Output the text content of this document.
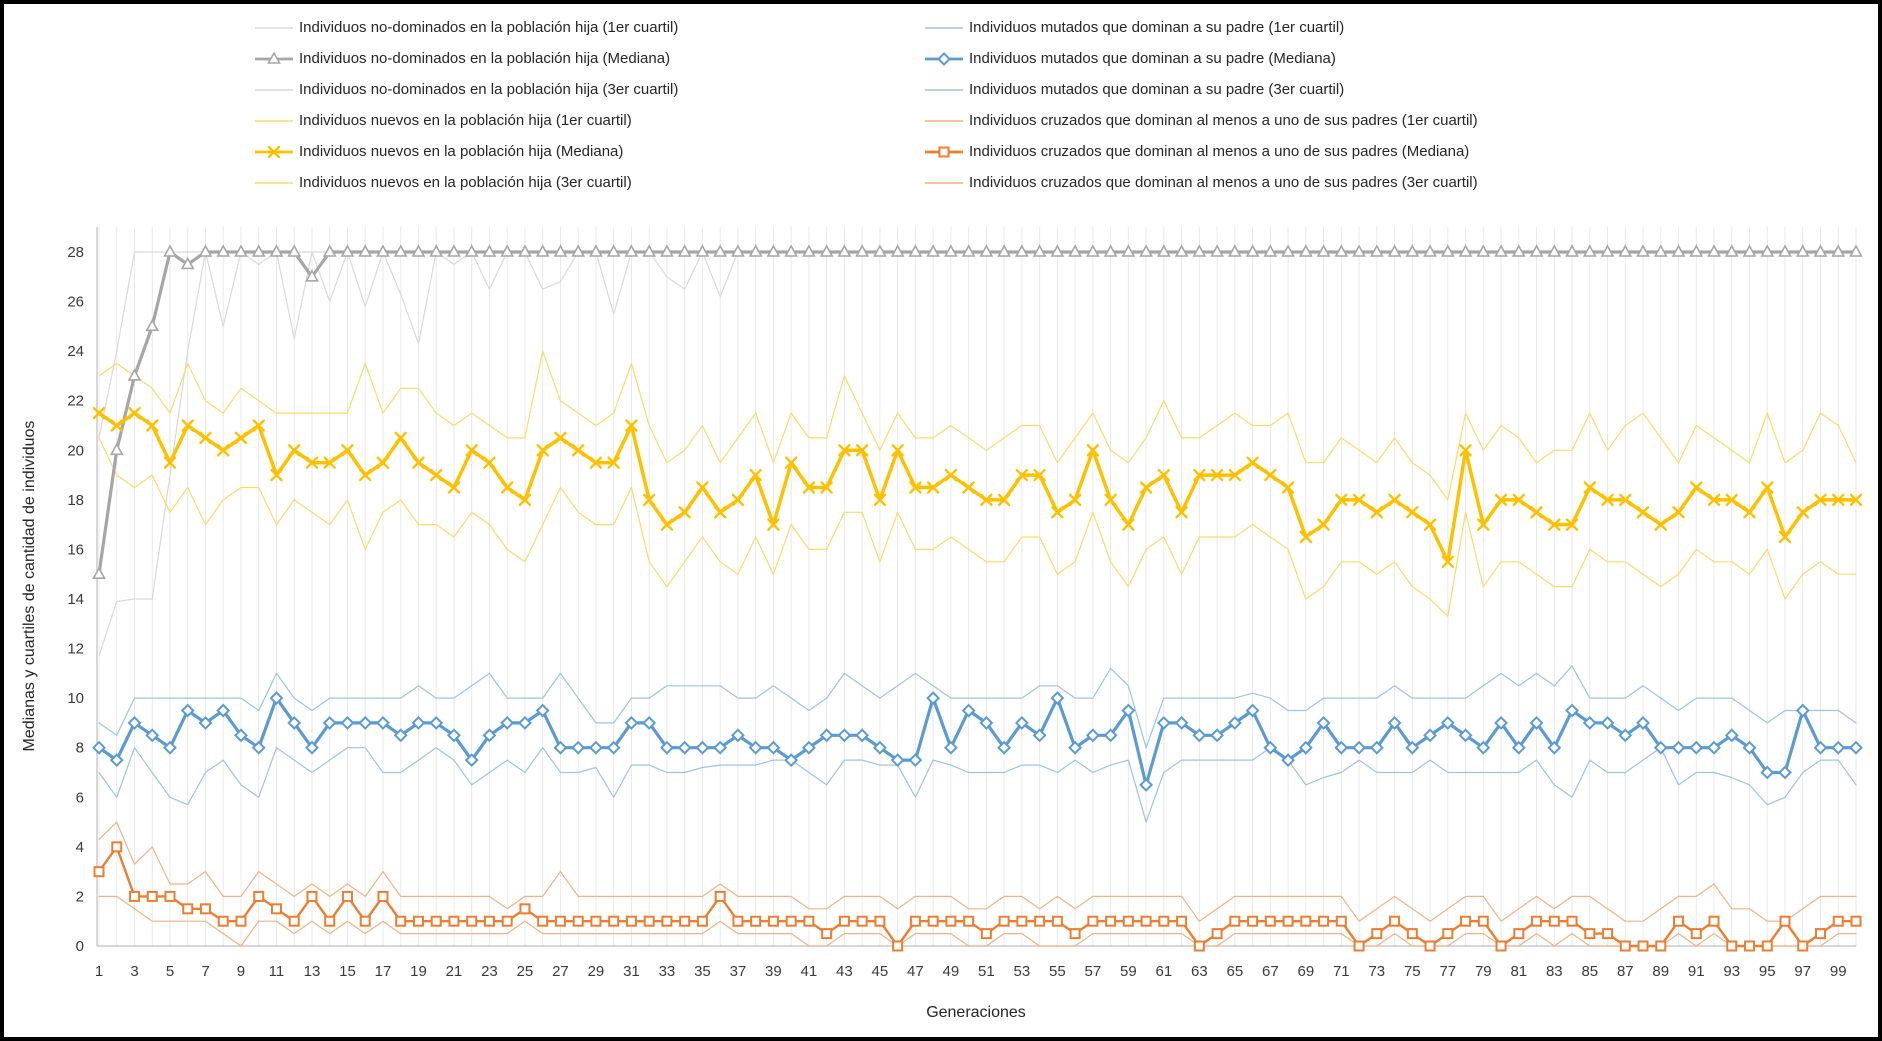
Individuos no-dominados en la población hija (1er cuartil)
Individuos no-dominados en la población hija (Mediana)
Individuos no-dominados en la población hija (3er cuartil)
Individuos nuevos en la población hija (1er cuartil)
Individuos nuevos en la población hija (Mediana)
Individuos nuevos en la población hija (3er cuartil)
Individuos mutados que dominan a su padre (1er cuartil)
Individuos mutados que dominan a su padre (Mediana)
Individuos mutados que dominan a su padre (3er cuartil)
Individuos cruzados que dominan al menos a uno de sus padres (1er cuartil)
Individuos cruzados que dominan al menos a uno de sus padres (Mediana)
Individuos cruzados que dominan al menos a uno de sus padres (3er cuartil)
0
2
4
6
8
10
12
14
16
18
20
22
24
26
28
1 3 5 7 9 11 13 15 17 19 21 23 25 27 29 31 33 35 37 39 41 43 45 47 49 51 53 55 57 59 61 63 65 67 69 71 73 75 77 79 81 83 85 87 89 91 93 95 97 99
Generaciones
Medianas y cuartiles de cantidad de individuos
